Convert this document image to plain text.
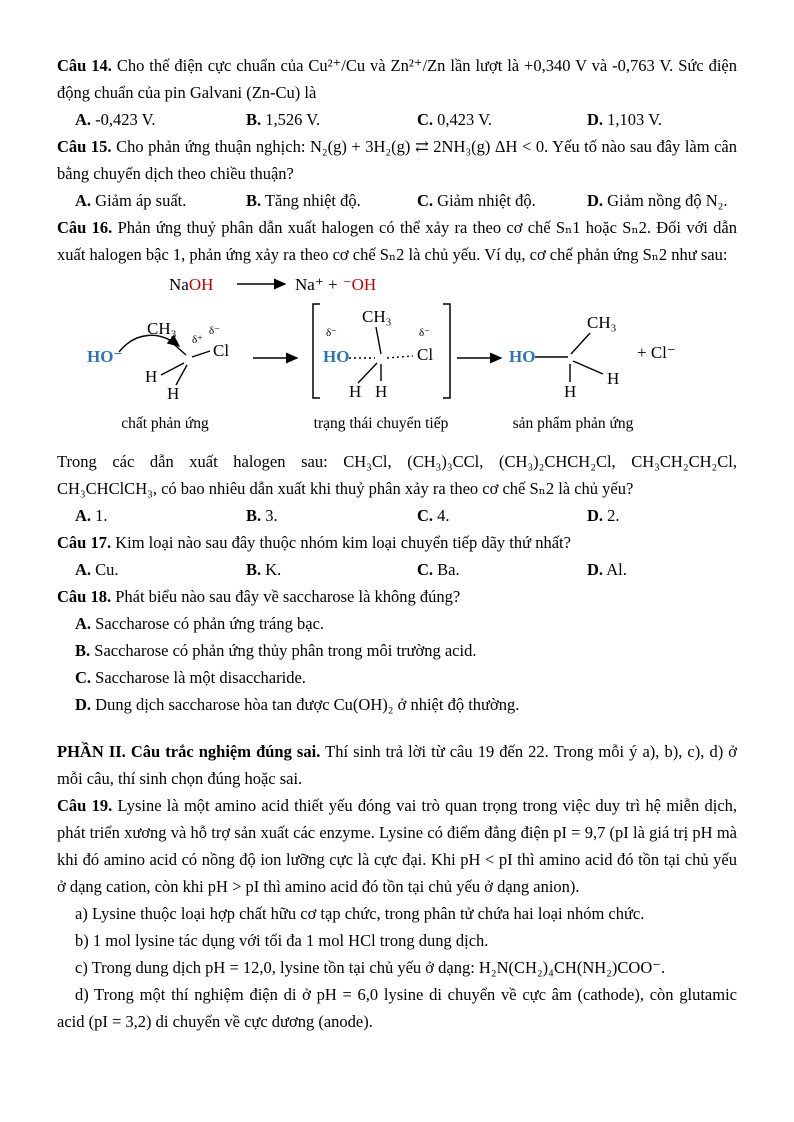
Câu 14. Cho thế điện cực chuẩn của Cu²⁺/Cu và Zn²⁺/Zn lần lượt là +0,340 V và -0,763 V. Sức điện động chuẩn của pin Galvani (Zn-Cu) là

A. -0,423 V.	B. 1,526 V.	C. 0,423 V.	D. 1,103 V.

Câu 15. Cho phản ứng thuận nghịch: N₂(g) + 3H₂(g) ⇄ 2NH₃(g) ΔH < 0. Yếu tố nào sau đây làm cân bằng chuyển dịch theo chiều thuận?

A. Giảm áp suất.	B. Tăng nhiệt độ.	C. Giảm nhiệt độ.	D. Giảm nồng độ N₂.

Câu 16. Phản ứng thuỷ phân dẫn xuất halogen có thể xảy ra theo cơ chế Sₙ1 hoặc Sₙ2. Đối với dẫn xuất halogen bậc 1, phản ứng xảy ra theo cơ chế Sₙ2 là chủ yếu. Ví dụ, cơ chế phản ứng Sₙ2 như sau:

NaOH	Na⁺ + ⁻OH
HO⁻
CH₃
δ⁺
δ⁻
Cl
H
H
chất phản ứng
CH₃
δ⁻
HO
δ⁻
Cl
H H
trạng thái chuyển tiếp
HO
CH₃
H
H
+ Cl⁻
sản phẩm phản ứng

Trong các dẫn xuất halogen sau: CH₃Cl, (CH₃)₃CCl, (CH₃)₂CHCH₂Cl, CH₃CH₂CH₂Cl, CH₃CHClCH₃, có bao nhiêu dẫn xuất khi thuỷ phân xảy ra theo cơ chế Sₙ2 là chủ yếu?

A. 1.	B. 3.	C. 4.	D. 2.

Câu 17. Kim loại nào sau đây thuộc nhóm kim loại chuyển tiếp dãy thứ nhất?

A. Cu.	B. K.	C. Ba.	D. Al.

Câu 18. Phát biểu nào sau đây về saccharose là không đúng?

A. Saccharose có phản ứng tráng bạc.

B. Saccharose có phản ứng thủy phân trong môi trường acid.

C. Saccharose là một disaccharide.

D. Dung dịch saccharose hòa tan được Cu(OH)₂ ở nhiệt độ thường.

PHẦN II. Câu trắc nghiệm đúng sai. Thí sinh trả lời từ câu 19 đến 22. Trong mỗi ý a), b), c), d) ở mỗi câu, thí sinh chọn đúng hoặc sai.

Câu 19. Lysine là một amino acid thiết yếu đóng vai trò quan trọng trong việc duy trì hệ miễn dịch, phát triển xương và hỗ trợ sản xuất các enzyme. Lysine có điểm đẳng điện pI = 9,7 (pI là giá trị pH mà khi đó amino acid có nồng độ ion lưỡng cực là cực đại. Khi pH < pI thì amino acid đó tồn tại chủ yếu ở dạng cation, còn khi pH > pI thì amino acid đó tồn tại chủ yếu ở dạng anion).

a) Lysine thuộc loại hợp chất hữu cơ tạp chức, trong phân tử chứa hai loại nhóm chức.

b) 1 mol lysine tác dụng với tối đa 1 mol HCl trong dung dịch.

c) Trong dung dịch pH = 12,0, lysine tồn tại chủ yếu ở dạng: H₂N(CH₂)₄CH(NH₂)COO⁻.

d) Trong một thí nghiệm điện di ở pH = 6,0 lysine di chuyển về cực âm (cathode), còn glutamic acid (pI = 3,2) di chuyển về cực dương (anode).
